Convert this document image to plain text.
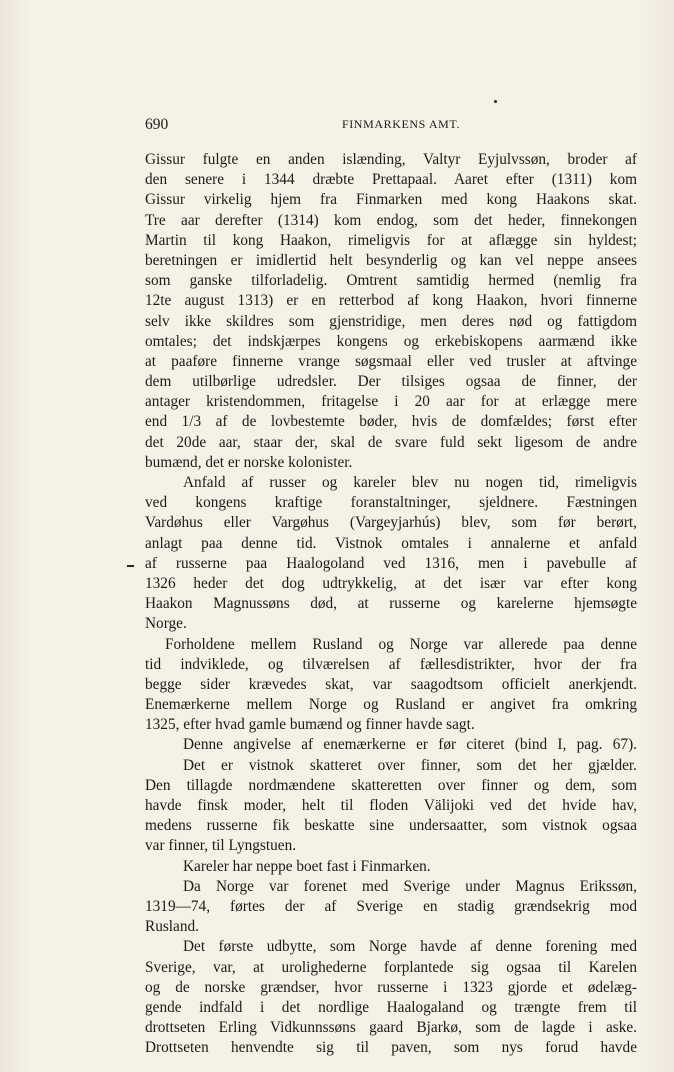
690	FINMARKENS AMT.
Gissur fulgte en anden islænding, Valtyr Eyjulvssøn, broder af
den senere i 1344 dræbte Prettapaal. Aaret efter (1311) kom
Gissur virkelig hjem fra Finmarken med kong Haakons skat.
Tre aar derefter (1314) kom endog, som det heder, finnekongen
Martin til kong Haakon, rimeligvis for at aflægge sin hyldest;
beretningen er imidlertid helt besynderlig og kan vel neppe ansees
som ganske tilforladelig. Omtrent samtidig hermed (nemlig fra
12te august 1313) er en retterbod af kong Haakon, hvori finnerne
selv ikke skildres som gjenstridige, men deres nød og fattigdom
omtales; det indskjærpes kongens og erkebiskopens aarmænd ikke
at paaføre finnerne vrange søgsmaal eller ved trusler at aftvinge
dem utilbørlige udredsler. Der tilsiges ogsaa de finner, der
antager kristendommen, fritagelse i 20 aar for at erlægge mere
end 1/3 af de lovbestemte bøder, hvis de domfældes; først efter
det 20de aar, staar der, skal de svare fuld sekt ligesom de andre
bumænd, det er norske kolonister.
Anfald af russer og kareler blev nu nogen tid, rimeligvis
ved kongens kraftige foranstaltninger, sjeldnere. Fæstningen
Vardøhus eller Vargøhus (Vargeyjarhús) blev, som før berørt,
anlagt paa denne tid. Vistnok omtales i annalerne et anfald
af russerne paa Haalogoland ved 1316, men i pavebulle af
1326 heder det dog udtrykkelig, at det især var efter kong
Haakon Magnussøns død, at russerne og karelerne hjemsøgte
Norge.
Forholdene mellem Rusland og Norge var allerede paa denne
tid indviklede, og tilværelsen af fællesdistrikter, hvor der fra
begge sider krævedes skat, var saagodtsom officielt anerkjendt.
Enemærkerne mellem Norge og Rusland er angivet fra omkring
1325, efter hvad gamle bumænd og finner havde sagt.
Denne angivelse af enemærkerne er før citeret (bind I, pag. 67).
Det er vistnok skatteret over finner, som det her gjælder.
Den tillagde nordmændene skatteretten over finner og dem, som
havde finsk moder, helt til floden Välijoki ved det hvide hav,
medens russerne fik beskatte sine undersaatter, som vistnok ogsaa
var finner, til Lyngstuen.
Kareler har neppe boet fast i Finmarken.
Da Norge var forenet med Sverige under Magnus Erikssøn,
1319—74, førtes der af Sverige en stadig grændsekrig mod
Rusland.
Det første udbytte, som Norge havde af denne forening med
Sverige, var, at urolighederne forplantede sig ogsaa til Karelen
og de norske grændser, hvor russerne i 1323 gjorde et ødelæg-
gende indfald i det nordlige Haalogaland og trængte frem til
drottseten Erling Vidkunnssøns gaard Bjarkø, som de lagde i aske.
Drottseten henvendte sig til paven, som nys forud havde
